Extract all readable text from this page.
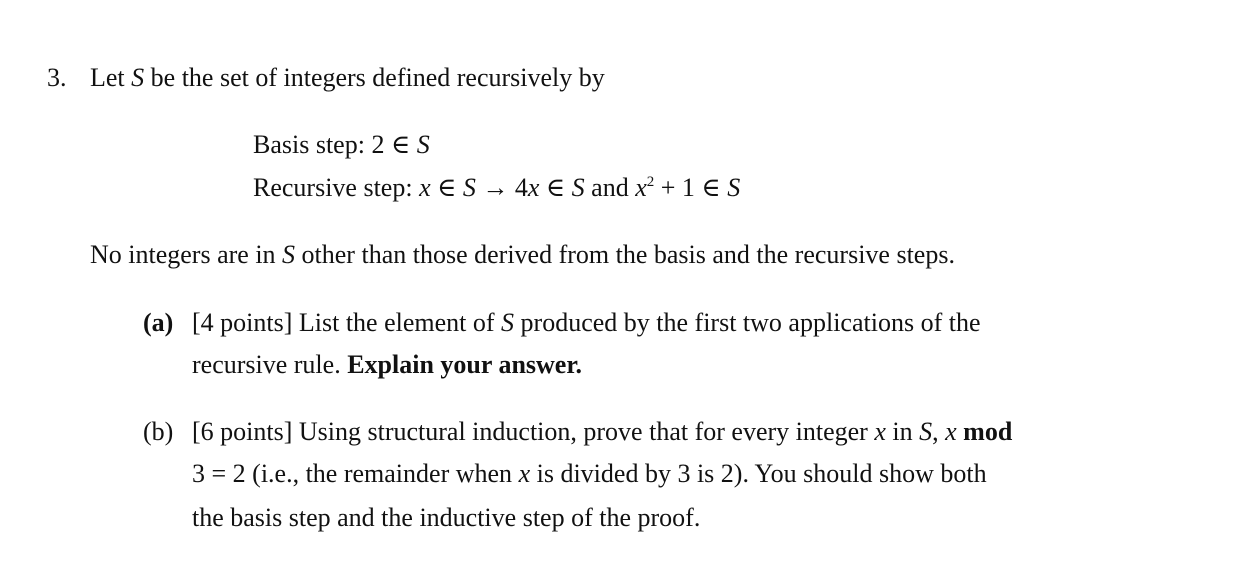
3. Let S be the set of integers defined recursively by
Basis step: 2 ∈ S
Recursive step: x ∈ S → 4x ∈ S and $x^2 + 1$ ∈ S
No integers are in S other than those derived from the basis and the recursive steps.
(a) [4 points] List the element of S produced by the first two applications of the
recursive rule. Explain your answer.
(b) [6 points] Using structural induction, prove that for every integer x in S, x mod
3 = 2 (i.e., the remainder when x is divided by 3 is 2). You should show both
the basis step and the inductive step of the proof.
